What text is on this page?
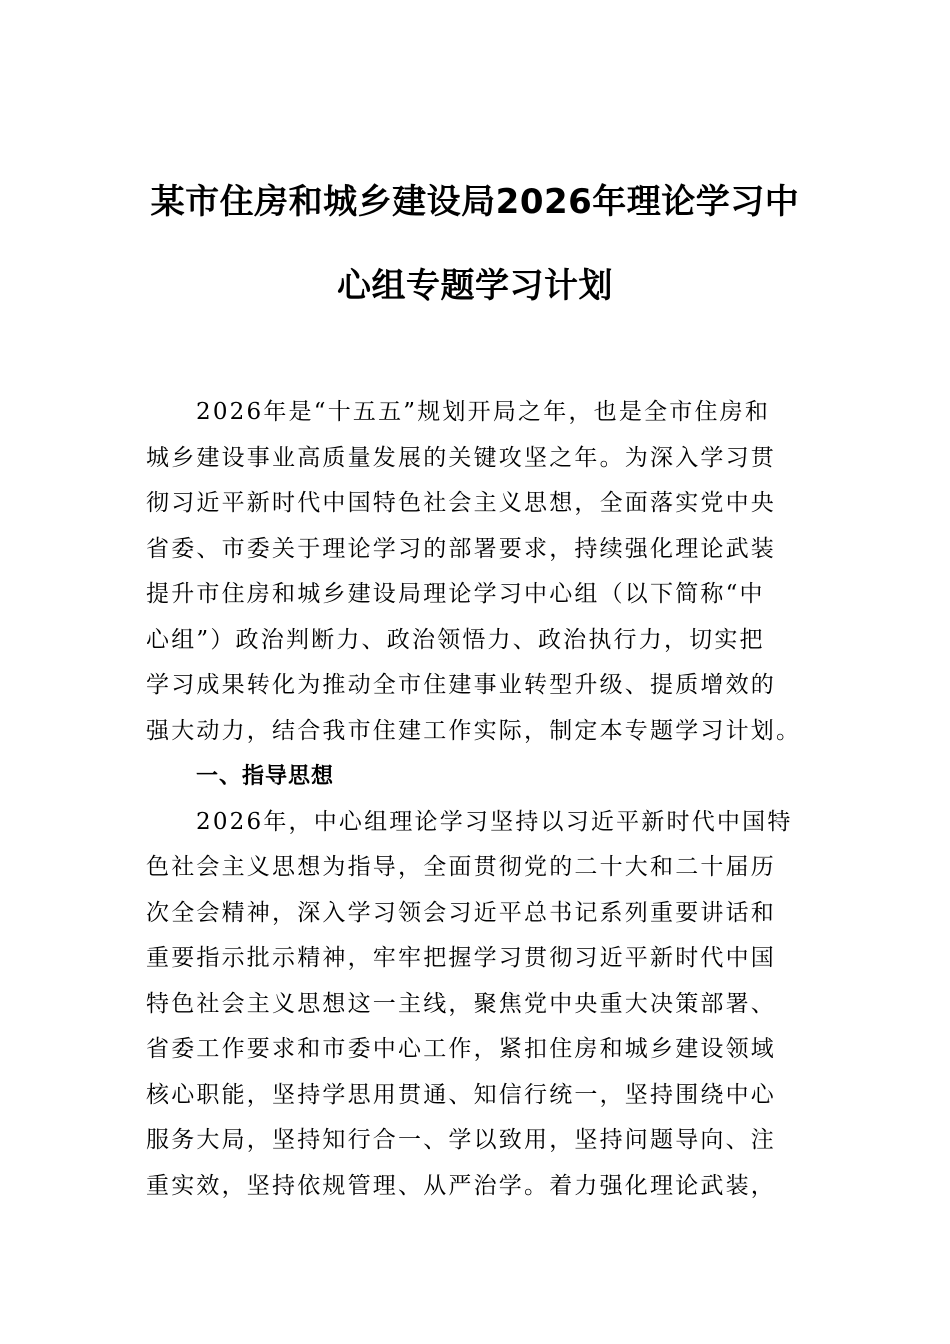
某市住房和城乡建设局2026年理论学习中
心组专题学习计划

2026年是“十五五”规划开局之年，也是全市住房和
城乡建设事业高质量发展的关键攻坚之年。为深入学习贯
彻习近平新时代中国特色社会主义思想，全面落实党中央
省委、市委关于理论学习的部署要求，持续强化理论武装
提升市住房和城乡建设局理论学习中心组（以下简称“中
心组”）政治判断力、政治领悟力、政治执行力，切实把
学习成果转化为推动全市住建事业转型升级、提质增效的
强大动力，结合我市住建工作实际，制定本专题学习计划。

一、指导思想

2026年，中心组理论学习坚持以习近平新时代中国特
色社会主义思想为指导，全面贯彻党的二十大和二十届历
次全会精神，深入学习领会习近平总书记系列重要讲话和
重要指示批示精神，牢牢把握学习贯彻习近平新时代中国
特色社会主义思想这一主线，聚焦党中央重大决策部署、
省委工作要求和市委中心工作，紧扣住房和城乡建设领域
核心职能，坚持学思用贯通、知信行统一，坚持围绕中心
服务大局，坚持知行合一、学以致用，坚持问题导向、注
重实效，坚持依规管理、从严治学。着力强化理论武装，
